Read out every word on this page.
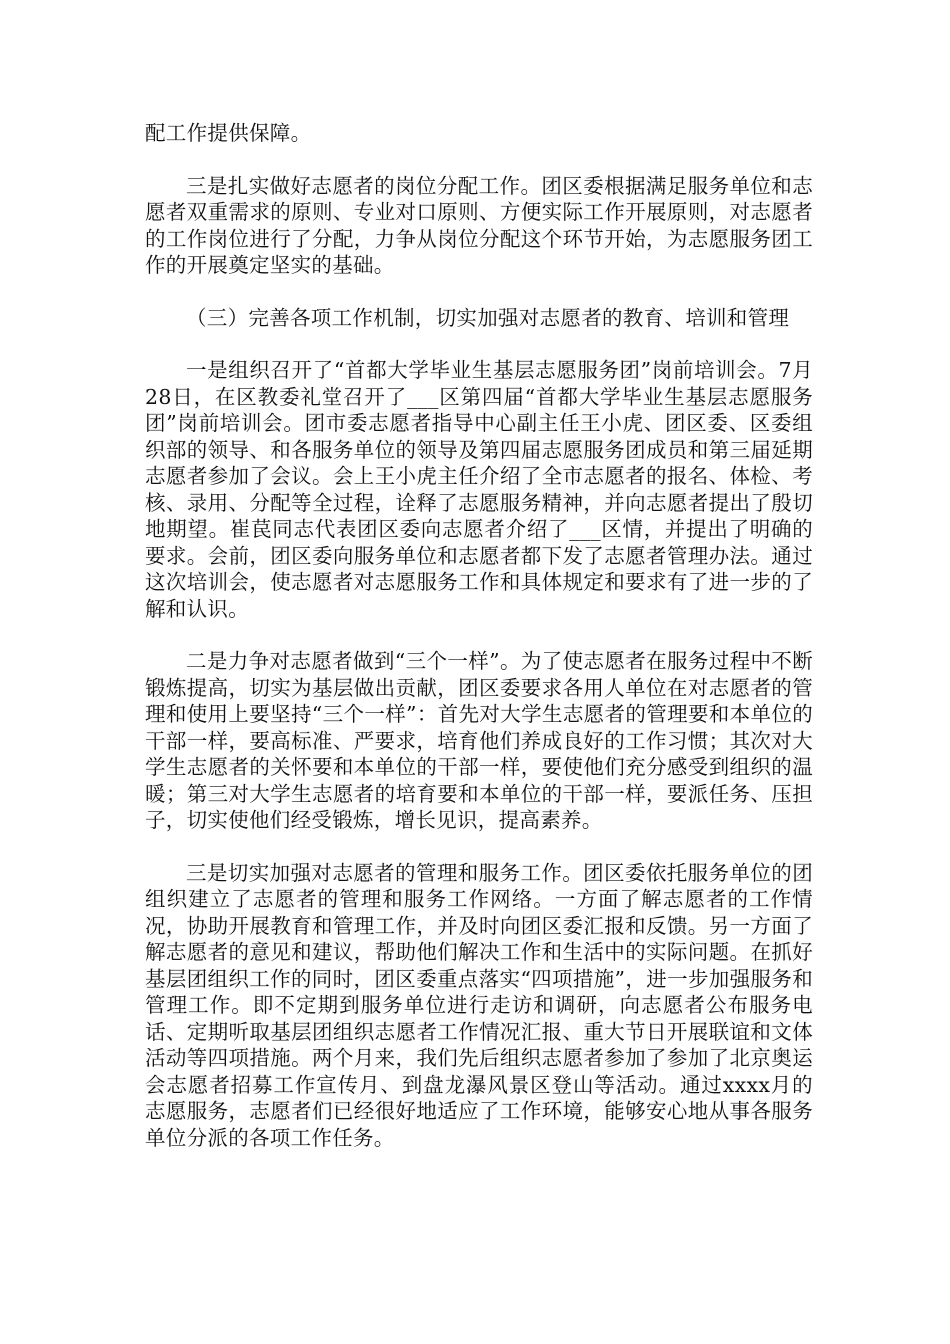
配工作提供保障。

三是扎实做好志愿者的岗位分配工作。团区委根据满足服务单位和志愿者双重需求的原则、专业对口原则、方便实际工作开展原则，对志愿者的工作岗位进行了分配，力争从岗位分配这个环节开始，为志愿服务团工作的开展奠定坚实的基础。

（三）完善各项工作机制，切实加强对志愿者的教育、培训和管理

一是组织召开了“首都大学毕业生基层志愿服务团”岗前培训会。7月28日，在区教委礼堂召开了___区第四届“首都大学毕业生基层志愿服务团”岗前培训会。团市委志愿者指导中心副主任王小虎、团区委、区委组织部的领导、和各服务单位的领导及第四届志愿服务团成员和第三届延期志愿者参加了会议。会上王小虎主任介绍了全市志愿者的报名、体检、考核、录用、分配等全过程，诠释了志愿服务精神，并向志愿者提出了殷切地期望。崔苠同志代表团区委向志愿者介绍了___区情，并提出了明确的要求。会前，团区委向服务单位和志愿者都下发了志愿者管理办法。通过这次培训会，使志愿者对志愿服务工作和具体规定和要求有了进一步的了解和认识。

二是力争对志愿者做到“三个一样”。为了使志愿者在服务过程中不断锻炼提高，切实为基层做出贡献，团区委要求各用人单位在对志愿者的管理和使用上要坚持“三个一样”：首先对大学生志愿者的管理要和本单位的干部一样，要高标准、严要求，培育他们养成良好的工作习惯；其次对大学生志愿者的关怀要和本单位的干部一样，要使他们充分感受到组织的温暖；第三对大学生志愿者的培育要和本单位的干部一样，要派任务、压担子，切实使他们经受锻炼，增长见识，提高素养。

三是切实加强对志愿者的管理和服务工作。团区委依托服务单位的团组织建立了志愿者的管理和服务工作网络。一方面了解志愿者的工作情况，协助开展教育和管理工作，并及时向团区委汇报和反馈。另一方面了解志愿者的意见和建议，帮助他们解决工作和生活中的实际问题。在抓好基层团组织工作的同时，团区委重点落实“四项措施”，进一步加强服务和管理工作。即不定期到服务单位进行走访和调研，向志愿者公布服务电话、定期听取基层团组织志愿者工作情况汇报、重大节日开展联谊和文体活动等四项措施。两个月来，我们先后组织志愿者参加了参加了北京奥运会志愿者招募工作宣传月、到盘龙瀑风景区登山等活动。通过xxxx月的志愿服务，志愿者们已经很好地适应了工作环境，能够安心地从事各服务单位分派的各项工作任务。
